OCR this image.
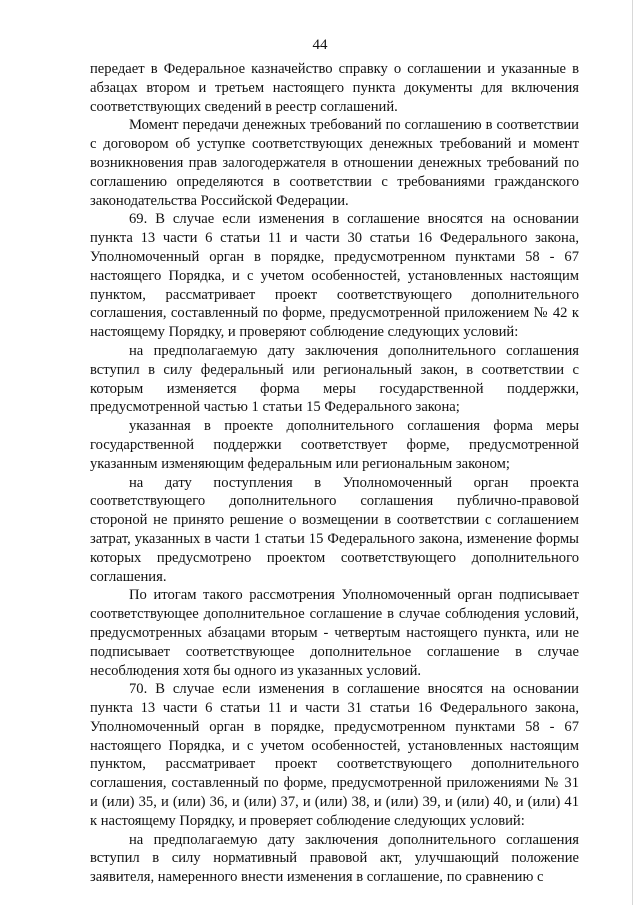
44

передает в Федеральное казначейство справку о соглашении и указанные в абзацах втором и третьем настоящего пункта документы для включения соответствующих сведений в реестр соглашений.

Момент передачи денежных требований по соглашению в соответствии с договором об уступке соответствующих денежных требований и момент возникновения прав залогодержателя в отношении денежных требований по соглашению определяются в соответствии с требованиями гражданского законодательства Российской Федерации.

69. В случае если изменения в соглашение вносятся на основании пункта 13 части 6 статьи 11 и части 30 статьи 16 Федерального закона, Уполномоченный орган в порядке, предусмотренном пунктами 58 - 67 настоящего Порядка, и с учетом особенностей, установленных настоящим пунктом, рассматривает проект соответствующего дополнительного соглашения, составленный по форме, предусмотренной приложением № 42 к настоящему Порядку, и проверяют соблюдение следующих условий:

на предполагаемую дату заключения дополнительного соглашения вступил в силу федеральный или региональный закон, в соответствии с которым изменяется форма меры государственной поддержки, предусмотренной частью 1 статьи 15 Федерального закона;

указанная в проекте дополнительного соглашения форма меры государственной поддержки соответствует форме, предусмотренной указанным изменяющим федеральным или региональным законом;

на дату поступления в Уполномоченный орган проекта соответствующего дополнительного соглашения публично-правовой стороной не принято решение о возмещении в соответствии с соглашением затрат, указанных в части 1 статьи 15 Федерального закона, изменение формы которых предусмотрено проектом соответствующего дополнительного соглашения.

По итогам такого рассмотрения Уполномоченный орган подписывает соответствующее дополнительное соглашение в случае соблюдения условий, предусмотренных абзацами вторым - четвертым настоящего пункта, или не подписывает соответствующее дополнительное соглашение в случае несоблюдения хотя бы одного из указанных условий.

70. В случае если изменения в соглашение вносятся на основании пункта 13 части 6 статьи 11 и части 31 статьи 16 Федерального закона, Уполномоченный орган в порядке, предусмотренном пунктами 58 - 67 настоящего Порядка, и с учетом особенностей, установленных настоящим пунктом, рассматривает проект соответствующего дополнительного соглашения, составленный по форме, предусмотренной приложениями № 31 и (или) 35, и (или) 36, и (или) 37, и (или) 38, и (или) 39, и (или) 40, и (или) 41 к настоящему Порядку, и проверяет соблюдение следующих условий:

на предполагаемую дату заключения дополнительного соглашения вступил в силу нормативный правовой акт, улучшающий положение заявителя, намеренного внести изменения в соглашение, по сравнению с
